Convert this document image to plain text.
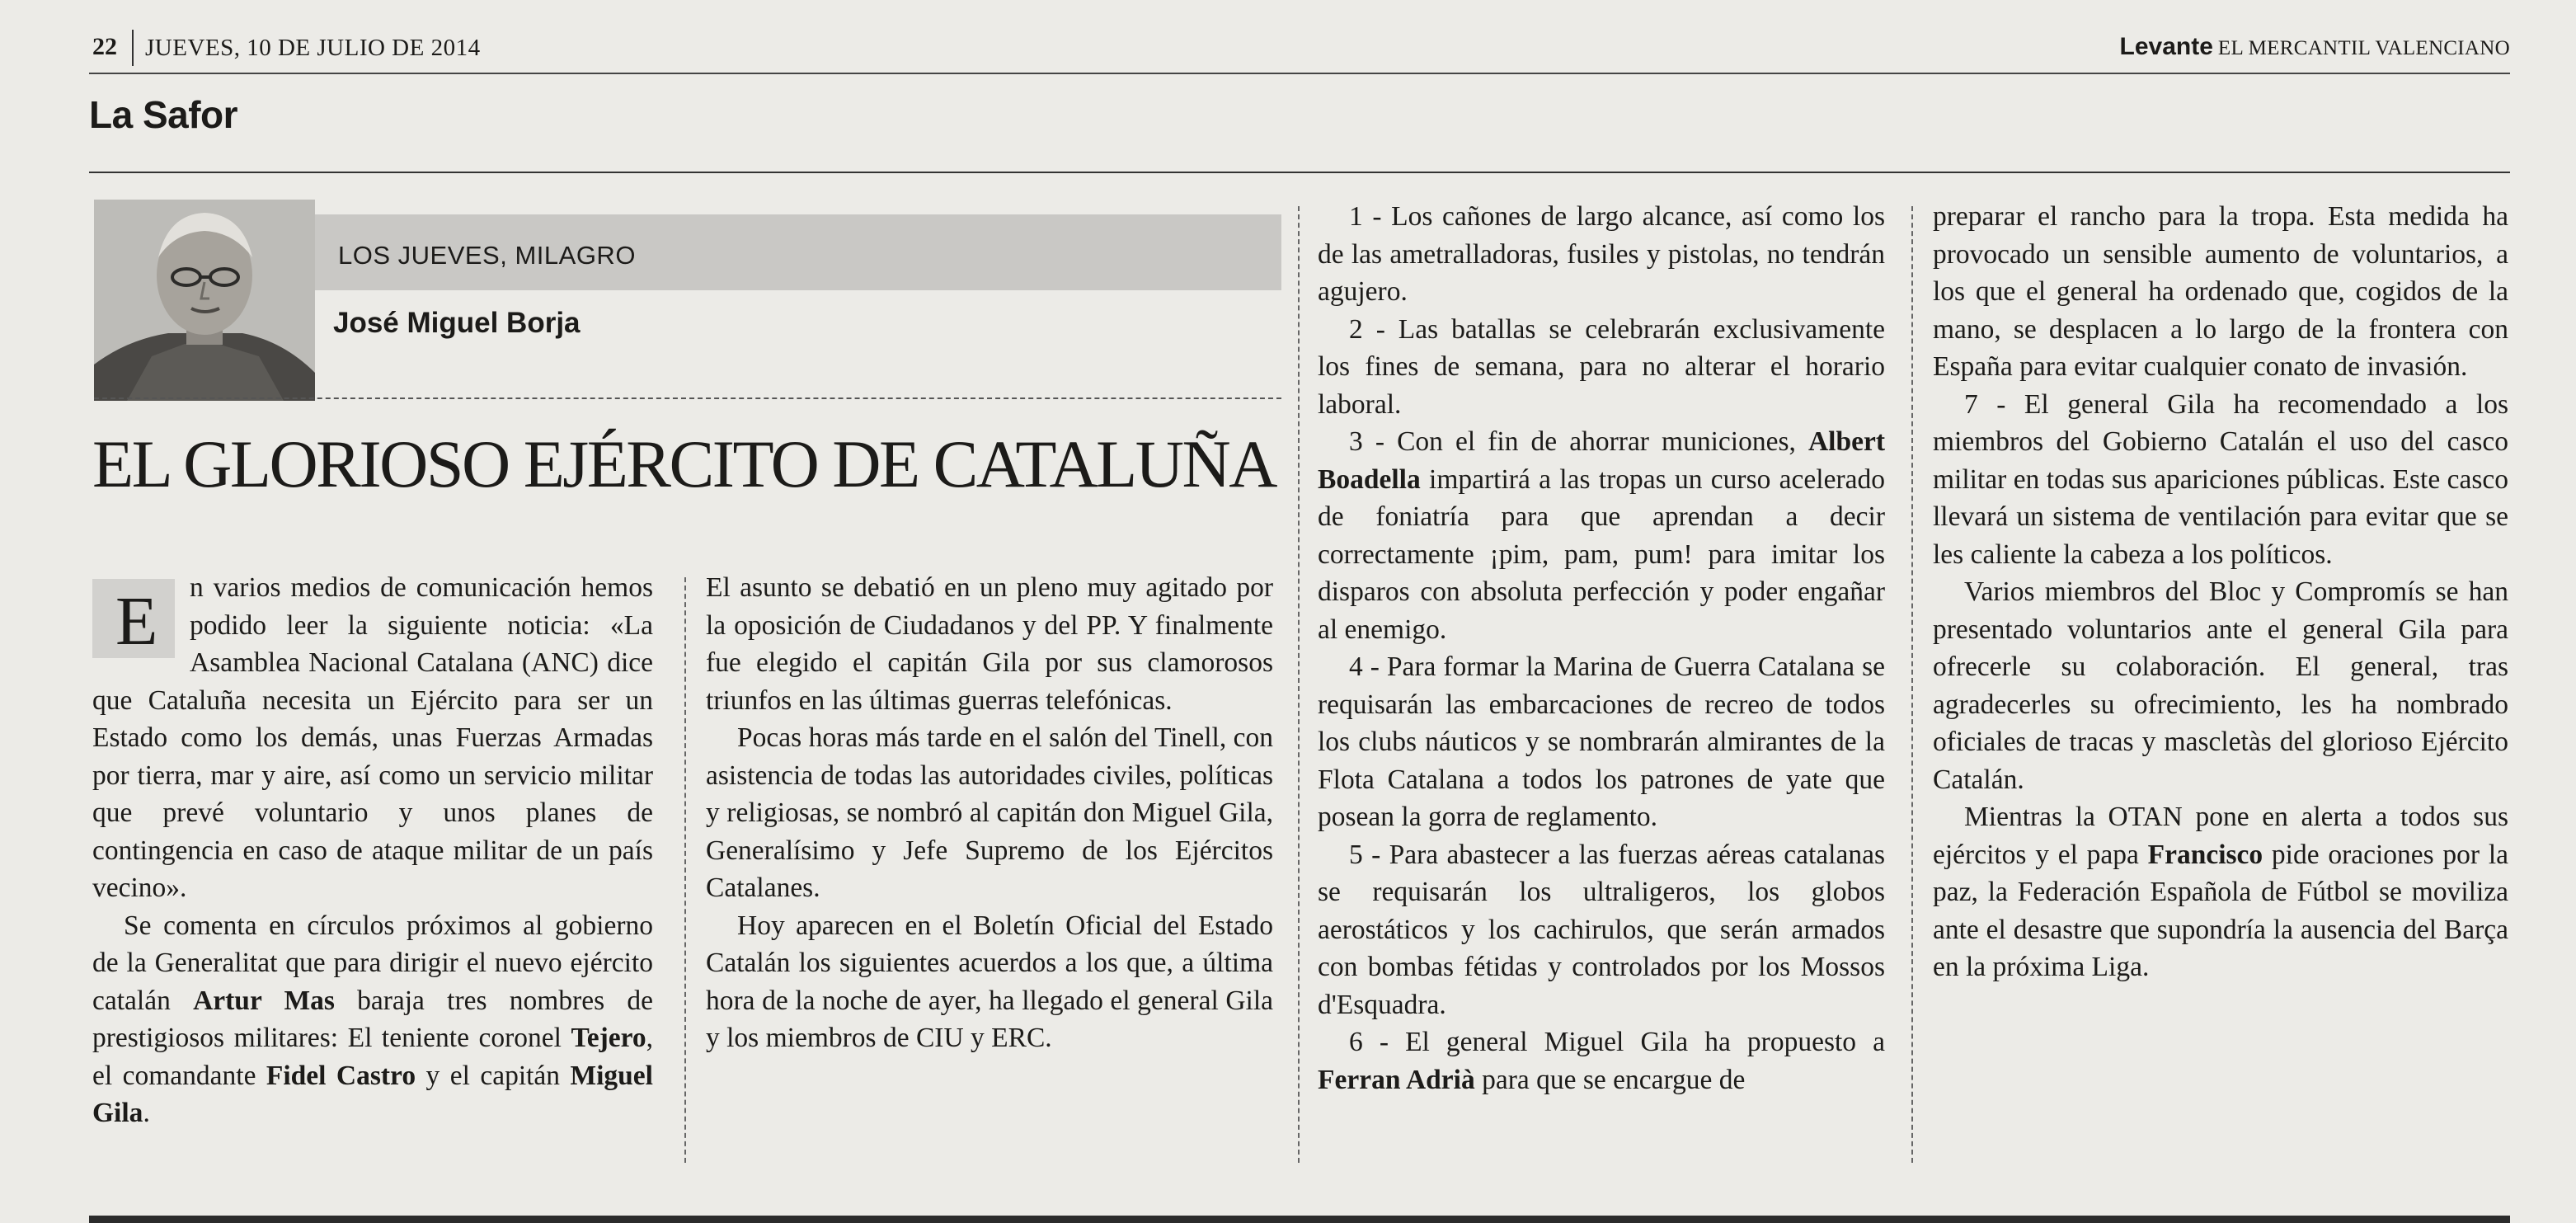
22 JUEVES, 10 DE JULIO DE 2014	Levante EL MERCANTIL VALENCIANO
La Safor
LOS JUEVES, MILAGRO
José Miguel Borja
EL GLORIOSO EJÉRCITO DE CATALUÑA
E	n varios medios de comunicación hemos podido leer la siguiente noticia: «La Asamblea Nacional Catalana (ANC) dice que Cataluña necesita un Ejército para ser un Estado como los demás, unas Fuerzas Armadas por tierra, mar y aire, así como un servicio militar que prevé voluntario y unos planes de contingencia en caso de ataque militar de un país vecino».

Se comenta en círculos próximos al gobierno de la Generalitat que para dirigir el nuevo ejército catalán Artur Mas baraja tres nombres de prestigiosos militares: El teniente coronel Tejero, el comandante Fidel Castro y el capitán Miguel Gila.

El asunto se debatió en un pleno muy agitado por la oposición de Ciudadanos y del PP. Y finalmente fue elegido el capitán Gila por sus clamorosos triunfos en las últimas guerras telefónicas.

Pocas horas más tarde en el salón del Tinell, con asistencia de todas las autoridades civiles, políticas y religiosas, se nombró al capitán don Miguel Gila, Generalísimo y Jefe Supremo de los Ejércitos Catalanes.

Hoy aparecen en el Boletín Oficial del Estado Catalán los siguientes acuerdos a los que, a última hora de la noche de ayer, ha llegado el general Gila y los miembros de CIU y ERC.

1 - Los cañones de largo alcance, así como los de las ametralladoras, fusiles y pistolas, no tendrán agujero.

2 - Las batallas se celebrarán exclusivamente los fines de semana, para no alterar el horario laboral.

3 - Con el fin de ahorrar municiones, Albert Boadella impartirá a las tropas un curso acelerado de foniatría para que aprendan a decir correctamente ¡pim, pam, pum! para imitar los disparos con absoluta perfección y poder engañar al enemigo.

4 - Para formar la Marina de Guerra Catalana se requisarán las embarcaciones de recreo de todos los clubs náuticos y se nombrarán almirantes de la Flota Catalana a todos los patrones de yate que posean la gorra de reglamento.

5 - Para abastecer a las fuerzas aéreas catalanas se requisarán los ultraligeros, los globos aerostáticos y los cachirulos, que serán armados con bombas fétidas y controlados por los Mossos d'Esquadra.

6 - El general Miguel Gila ha propuesto a Ferran Adrià para que se encargue de

preparar el rancho para la tropa. Esta medida ha provocado un sensible aumento de voluntarios, a los que el general ha ordenado que, cogidos de la mano, se desplacen a lo largo de la frontera con España para evitar cualquier conato de invasión.

7 - El general Gila ha recomendado a los miembros del Gobierno Catalán el uso del casco militar en todas sus apariciones públicas. Este casco llevará un sistema de ventilación para evitar que se les caliente la cabeza a los políticos.

Varios miembros del Bloc y Compromís se han presentado voluntarios ante el general Gila para ofrecerle su colaboración. El general, tras agradecerles su ofrecimiento, les ha nombrado oficiales de tracas y mascletàs del glorioso Ejército Catalán.

Mientras la OTAN pone en alerta a todos sus ejércitos y el papa Francisco pide oraciones por la paz, la Federación Española de Fútbol se moviliza ante el desastre que supondría la ausencia del Barça en la próxima Liga.
